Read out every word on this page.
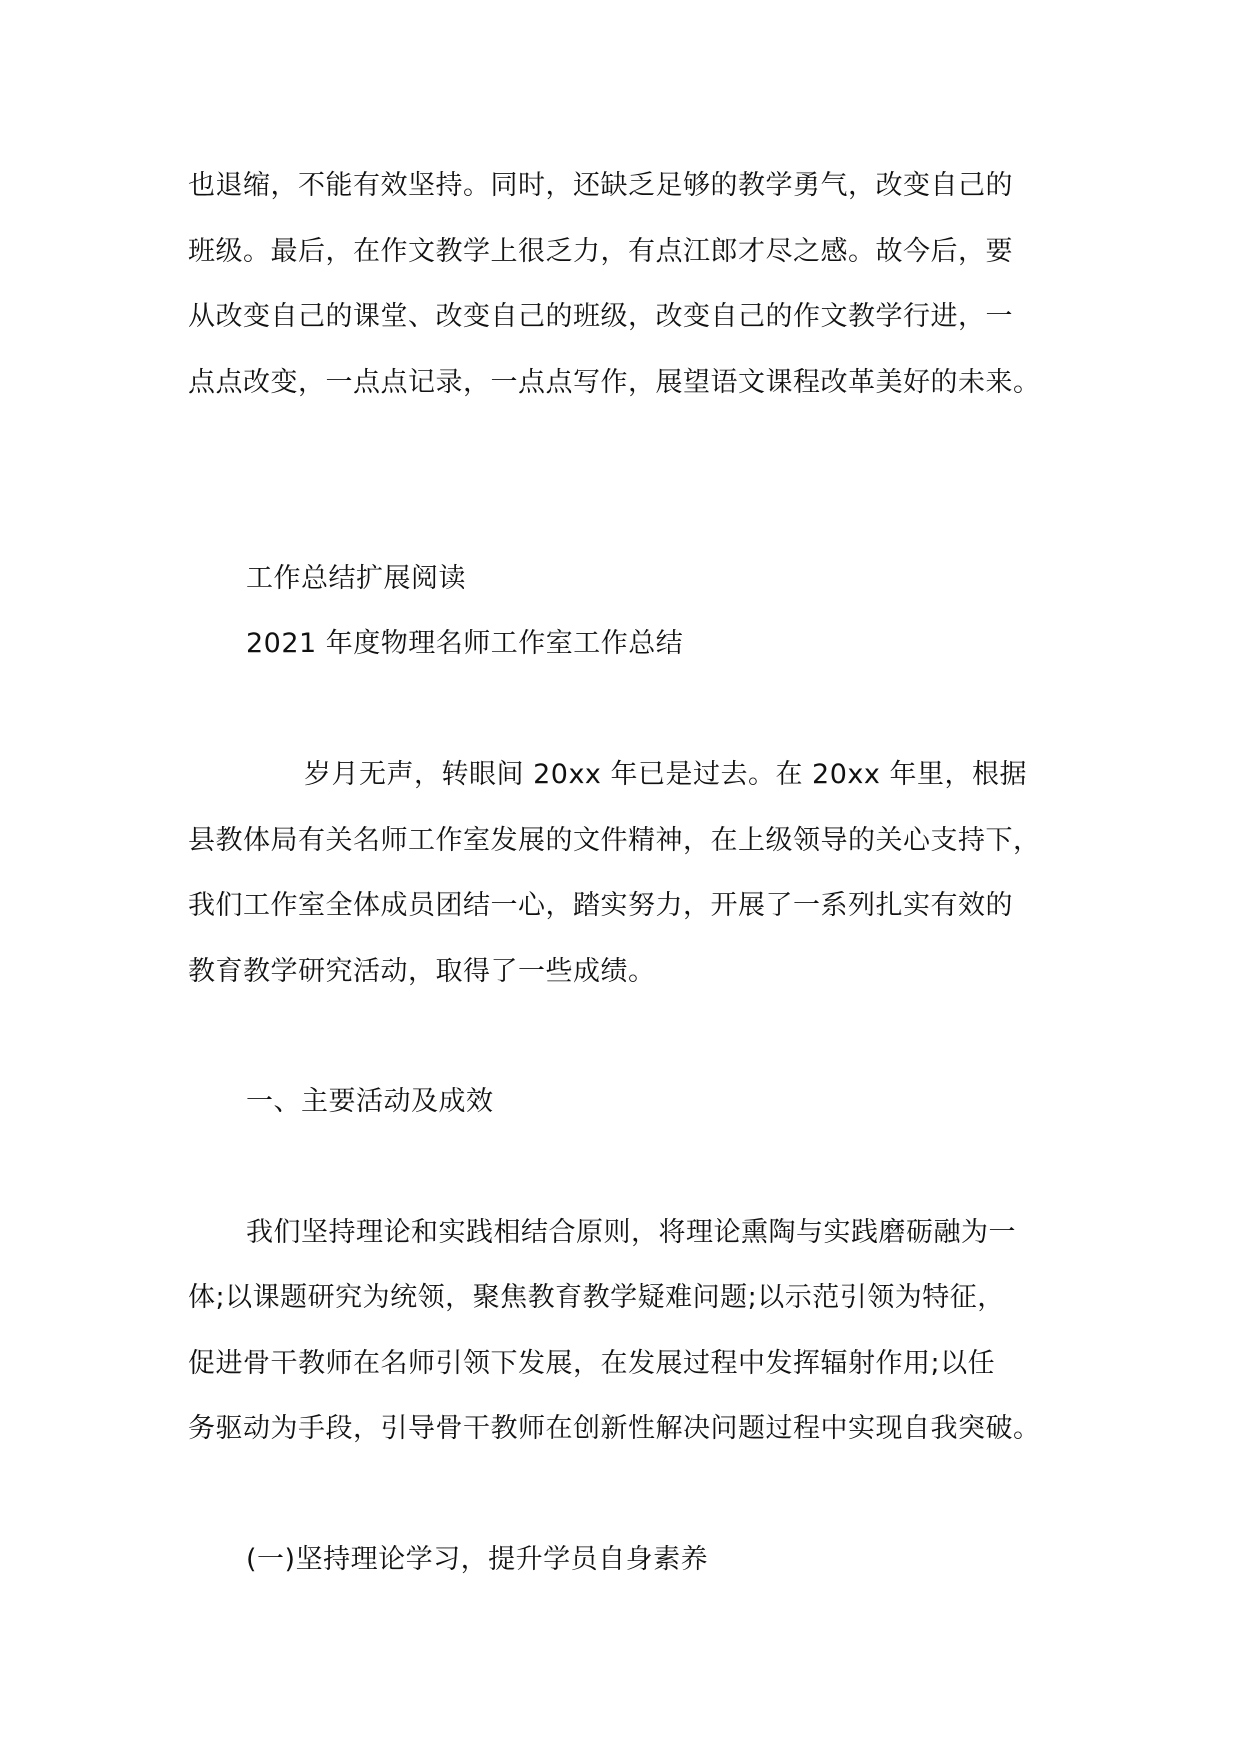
也退缩，不能有效坚持。同时，还缺乏足够的教学勇气，改变自己的
班级。最后，在作文教学上很乏力，有点江郎才尽之感。故今后，要
从改变自己的课堂、改变自己的班级，改变自己的作文教学行进，一
点点改变，一点点记录，一点点写作，展望语文课程改革美好的未来。
工作总结扩展阅读
2021 年度物理名师工作室工作总结
岁月无声，转眼间 20xx 年已是过去。在 20xx 年里，根据
县教体局有关名师工作室发展的文件精神，在上级领导的关心支持下，
我们工作室全体成员团结一心，踏实努力，开展了一系列扎实有效的
教育教学研究活动，取得了一些成绩。
一、主要活动及成效
我们坚持理论和实践相结合原则，将理论熏陶与实践磨砺融为一
体;以课题研究为统领，聚焦教育教学疑难问题;以示范引领为特征，
促进骨干教师在名师引领下发展，在发展过程中发挥辐射作用;以任
务驱动为手段，引导骨干教师在创新性解决问题过程中实现自我突破。
(一)坚持理论学习，提升学员自身素养
